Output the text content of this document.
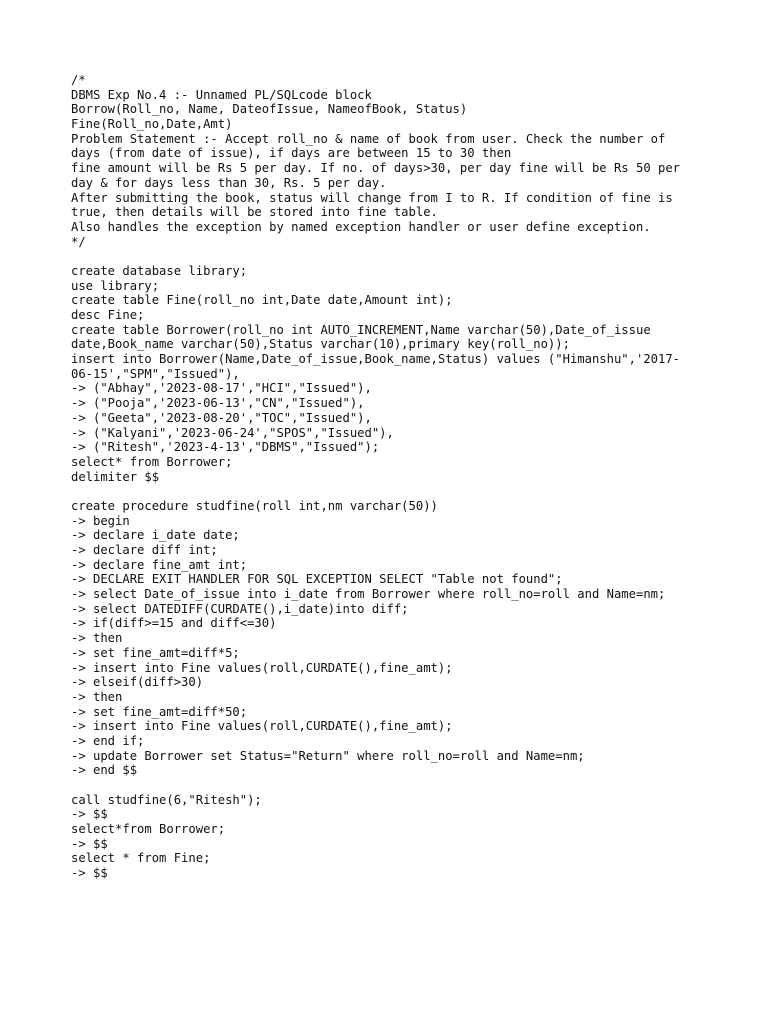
/*
DBMS Exp No.4 :- Unnamed PL/SQLcode block
Borrow(Roll_no, Name, DateofIssue, NameofBook, Status)
Fine(Roll_no,Date,Amt)
Problem Statement :- Accept roll_no & name of book from user. Check the number of
days (from date of issue), if days are between 15 to 30 then
fine amount will be Rs 5 per day. If no. of days>30, per day fine will be Rs 50 per
day & for days less than 30, Rs. 5 per day.
After submitting the book, status will change from I to R. If condition of fine is
true, then details will be stored into fine table.
Also handles the exception by named exception handler or user define exception.
*/
create database library;
use library;
create table Fine(roll_no int,Date date,Amount int);
desc Fine;
create table Borrower(roll_no int AUTO_INCREMENT,Name varchar(50),Date_of_issue
date,Book_name varchar(50),Status varchar(10),primary key(roll_no));
insert into Borrower(Name,Date_of_issue,Book_name,Status) values ("Himanshu",'2017-
06-15',"SPM","Issued"),
-> ("Abhay",'2023-08-17',"HCI","Issued"),
-> ("Pooja",'2023-06-13',"CN","Issued"),
-> ("Geeta",'2023-08-20',"TOC","Issued"),
-> ("Kalyani",'2023-06-24',"SPOS","Issued"),
-> ("Ritesh",'2023-4-13',"DBMS","Issued");
select* from Borrower;
delimiter $$
create procedure studfine(roll int,nm varchar(50))
-> begin
-> declare i_date date;
-> declare diff int;
-> declare fine_amt int;
-> DECLARE EXIT HANDLER FOR SQL EXCEPTION SELECT "Table not found";
-> select Date_of_issue into i_date from Borrower where roll_no=roll and Name=nm;
-> select DATEDIFF(CURDATE(),i_date)into diff;
-> if(diff>=15 and diff<=30)
-> then
-> set fine_amt=diff*5;
-> insert into Fine values(roll,CURDATE(),fine_amt);
-> elseif(diff>30)
-> then
-> set fine_amt=diff*50;
-> insert into Fine values(roll,CURDATE(),fine_amt);
-> end if;
-> update Borrower set Status="Return" where roll_no=roll and Name=nm;
-> end $$
call studfine(6,"Ritesh");
-> $$
select*from Borrower;
-> $$
select * from Fine;
-> $$
